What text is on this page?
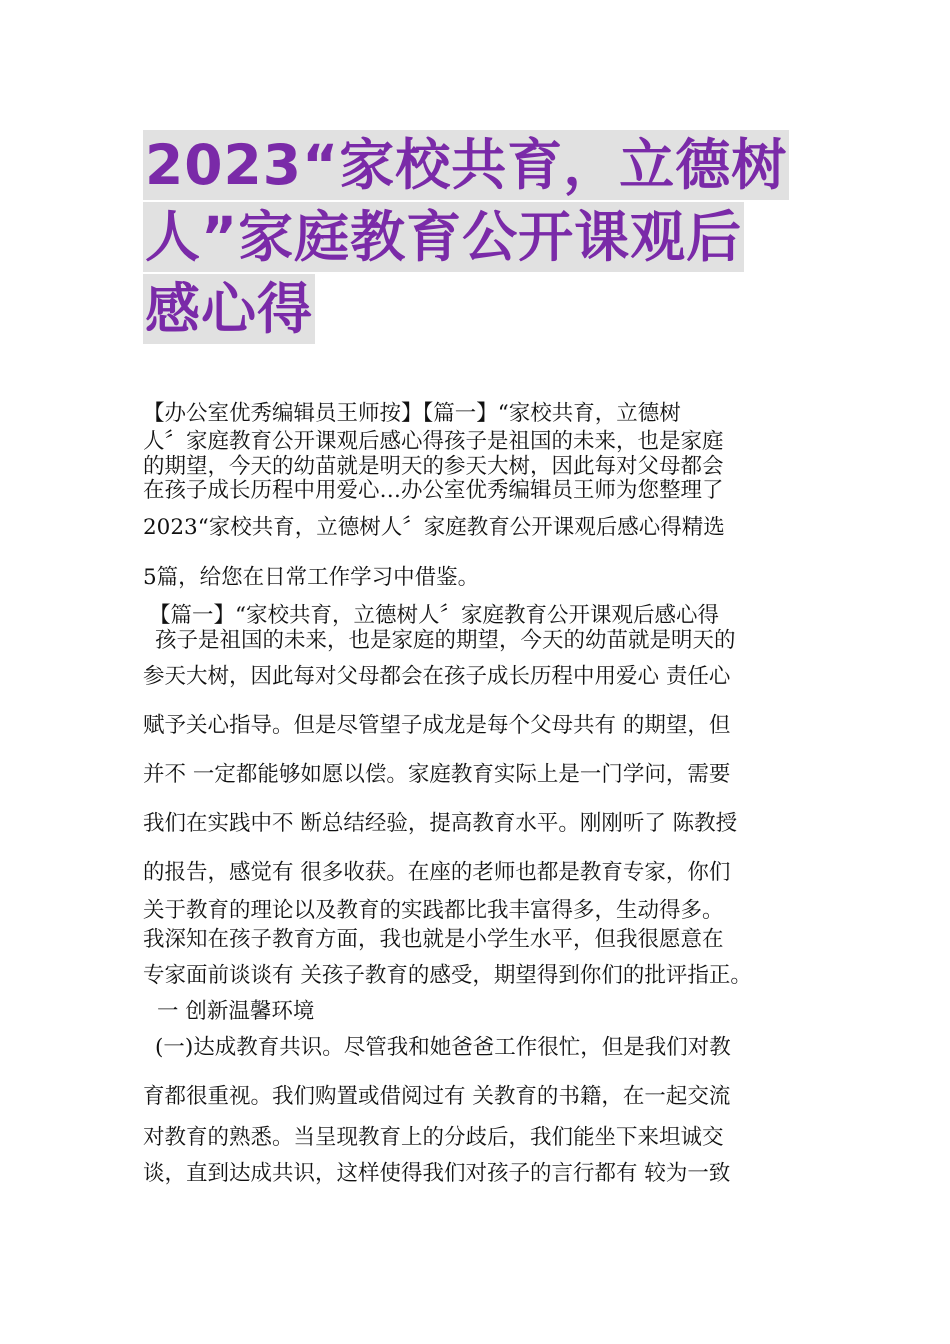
2023“家校共育，立德树
人”家庭教育公开课观后
感心得
【办公室优秀编辑员王师按】【篇一】“家校共育，立德树
人〞家庭教育公开课观后感心得孩子是祖国的未来，也是家庭
的期望，今天的幼苗就是明天的参天大树，因此每对父母都会
在孩子成长历程中用爱心…办公室优秀编辑员王师为您整理了
2023“家校共育，立德树人〞家庭教育公开课观后感心得精选
5篇，给您在日常工作学习中借鉴。
【篇一】“家校共育，立德树人〞家庭教育公开课观后感心得
孩子是祖国的未来，也是家庭的期望，今天的幼苗就是明天的
参天大树，因此每对父母都会在孩子成长历程中用爱心 责任心
赋予关心指导。但是尽管望子成龙是每个父母共有 的期望，但
并不 一定都能够如愿以偿。家庭教育实际上是一门学问，需要
我们在实践中不 断总结经验，提高教育水平。刚刚听了 陈教授
的报告，感觉有 很多收获。在座的老师也都是教育专家，你们
关于教育的理论以及教育的实践都比我丰富得多，生动得多。
我深知在孩子教育方面，我也就是小学生水平，但我很愿意在
专家面前谈谈有 关孩子教育的感受，期望得到你们的批评指正。
一 创新温馨环境
(一)达成教育共识。尽管我和她爸爸工作很忙，但是我们对教
育都很重视。我们购置或借阅过有 关教育的书籍，在一起交流
对教育的熟悉。当呈现教育上的分歧后，我们能坐下来坦诚交
谈，直到达成共识，这样使得我们对孩子的言行都有 较为一致
